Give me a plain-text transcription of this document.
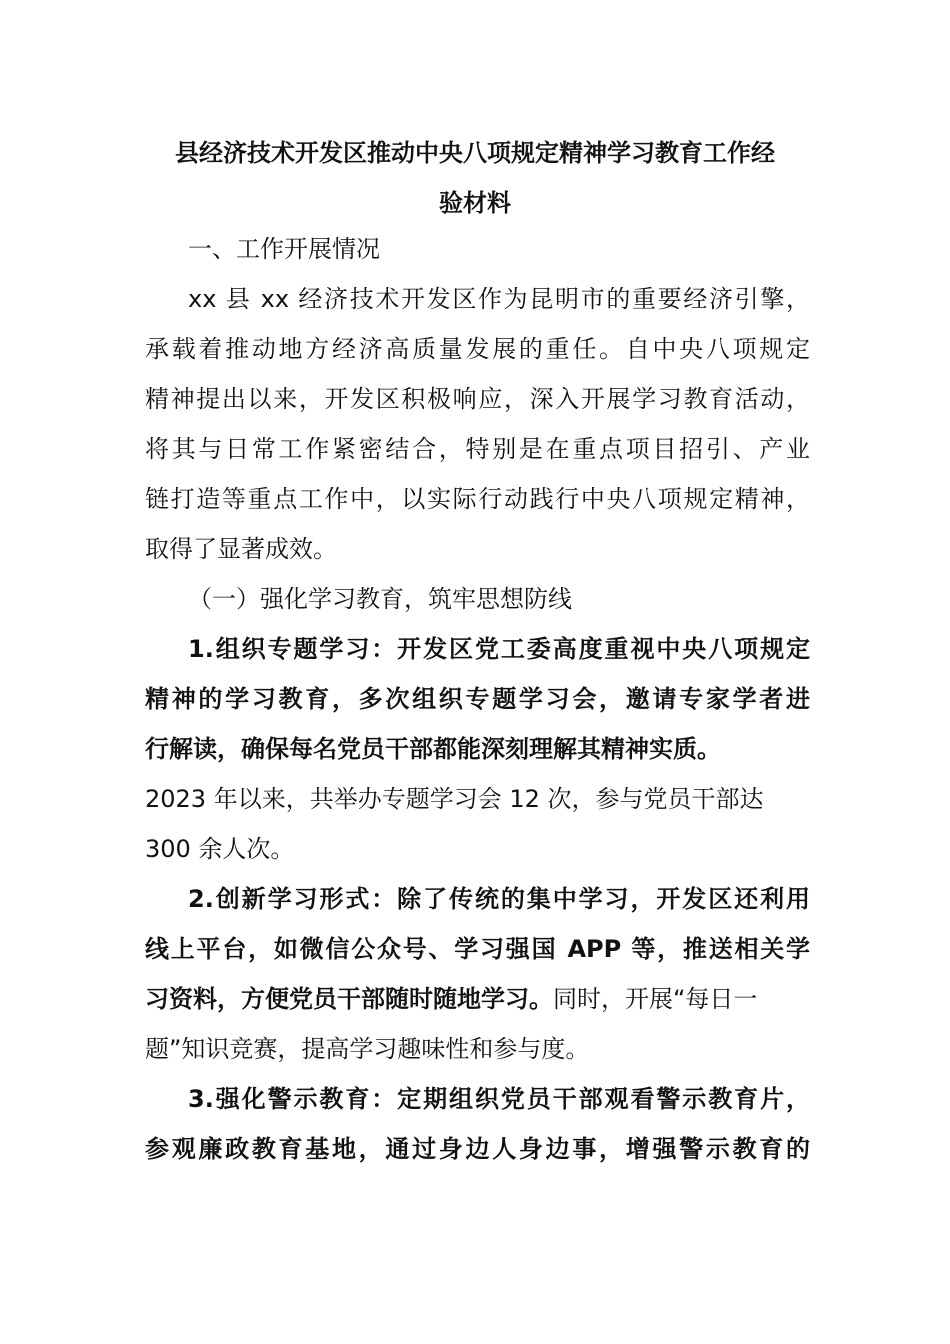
县经济技术开发区推动中央八项规定精神学习教育工作经
验材料
一、工作开展情况
xx 县 xx 经济技术开发区作为昆明市的重要经济引擎，
承载着推动地方经济高质量发展的重任。自中央八项规定
精神提出以来，开发区积极响应，深入开展学习教育活动，
将其与日常工作紧密结合，特别是在重点项目招引、产业
链打造等重点工作中，以实际行动践行中央八项规定精神，
取得了显著成效。
（一）强化学习教育，筑牢思想防线
1.组织专题学习：开发区党工委高度重视中央八项规定
精神的学习教育，多次组织专题学习会，邀请专家学者进
行解读，确保每名党员干部都能深刻理解其精神实质。
2023 年以来，共举办专题学习会 12 次，参与党员干部达
300 余人次。
2.创新学习形式：除了传统的集中学习，开发区还利用
线上平台，如微信公众号、学习强国 APP 等，推送相关学
习资料，方便党员干部随时随地学习。同时，开展“每日一
题”知识竞赛，提高学习趣味性和参与度。
3.强化警示教育：定期组织党员干部观看警示教育片，
参观廉政教育基地，通过身边人身边事，增强警示教育的
